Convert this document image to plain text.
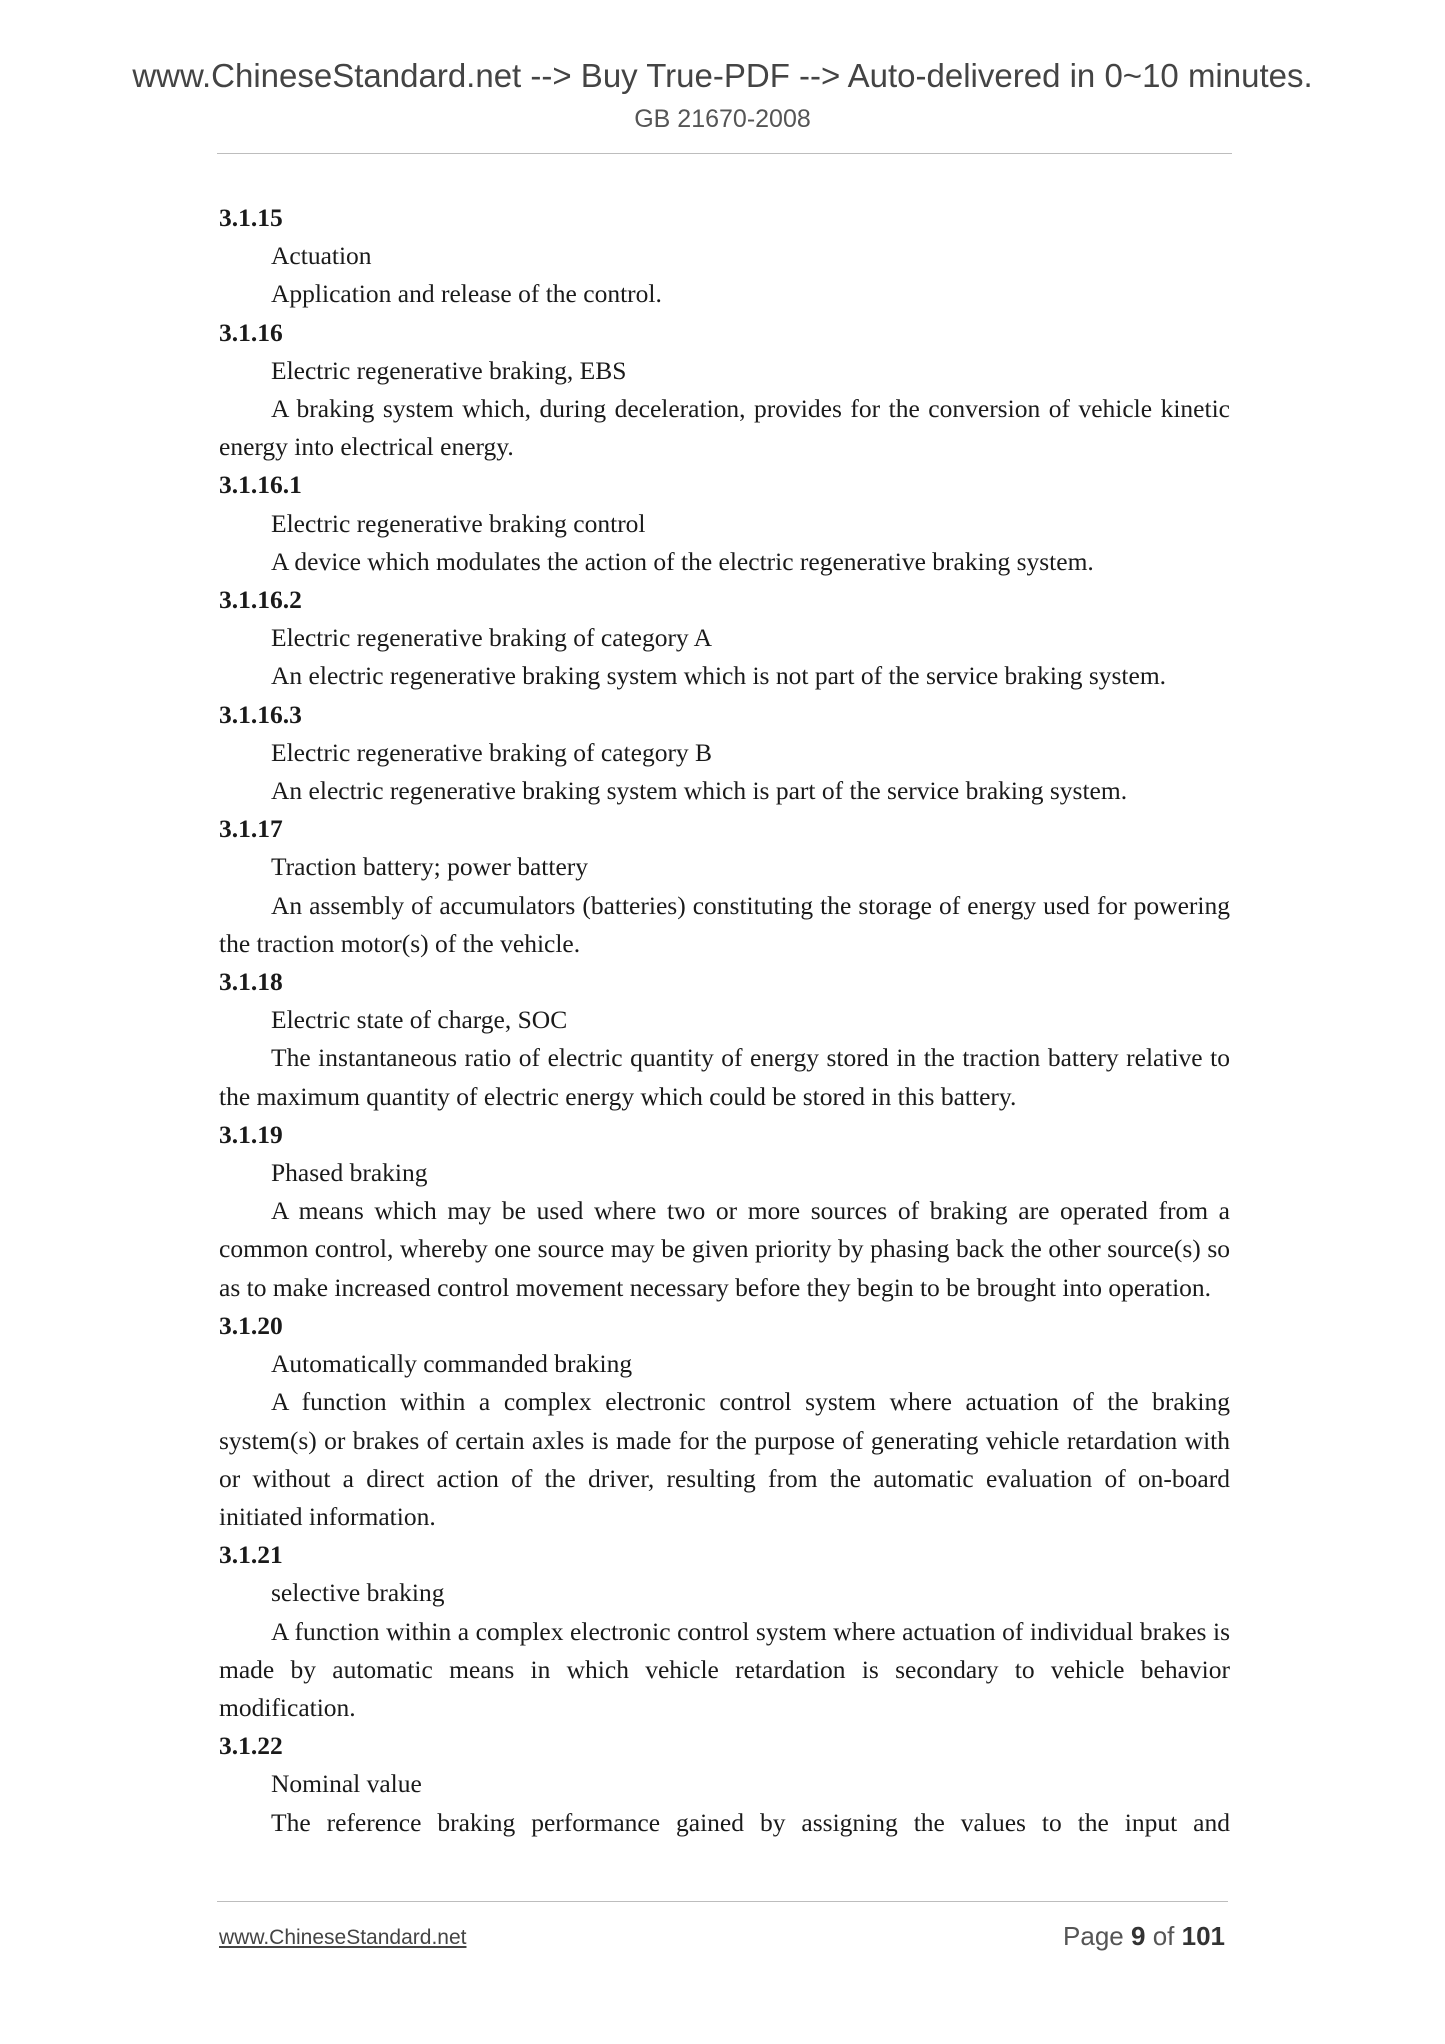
www.ChineseStandard.net --> Buy True-PDF --> Auto-delivered in 0~10 minutes.
GB 21670-2008
3.1.15
Actuation
Application and release of the control.
3.1.16
Electric regenerative braking, EBS
A braking system which, during deceleration, provides for the conversion of vehicle kinetic energy into electrical energy.
3.1.16.1
Electric regenerative braking control
A device which modulates the action of the electric regenerative braking system.
3.1.16.2
Electric regenerative braking of category A
An electric regenerative braking system which is not part of the service braking system.
3.1.16.3
Electric regenerative braking of category B
An electric regenerative braking system which is part of the service braking system.
3.1.17
Traction battery; power battery
An assembly of accumulators (batteries) constituting the storage of energy used for powering the traction motor(s) of the vehicle.
3.1.18
Electric state of charge, SOC
The instantaneous ratio of electric quantity of energy stored in the traction battery relative to the maximum quantity of electric energy which could be stored in this battery.
3.1.19
Phased braking
A means which may be used where two or more sources of braking are operated from a common control, whereby one source may be given priority by phasing back the other source(s) so as to make increased control movement necessary before they begin to be brought into operation.
3.1.20
Automatically commanded braking
A function within a complex electronic control system where actuation of the braking system(s) or brakes of certain axles is made for the purpose of generating vehicle retardation with or without a direct action of the driver, resulting from the automatic evaluation of on-board initiated information.
3.1.21
selective braking
A function within a complex electronic control system where actuation of individual brakes is made by automatic means in which vehicle retardation is secondary to vehicle behavior modification.
3.1.22
Nominal value
The reference braking performance gained by assigning the values to the input and
www.ChineseStandard.net	Page 9 of 101
